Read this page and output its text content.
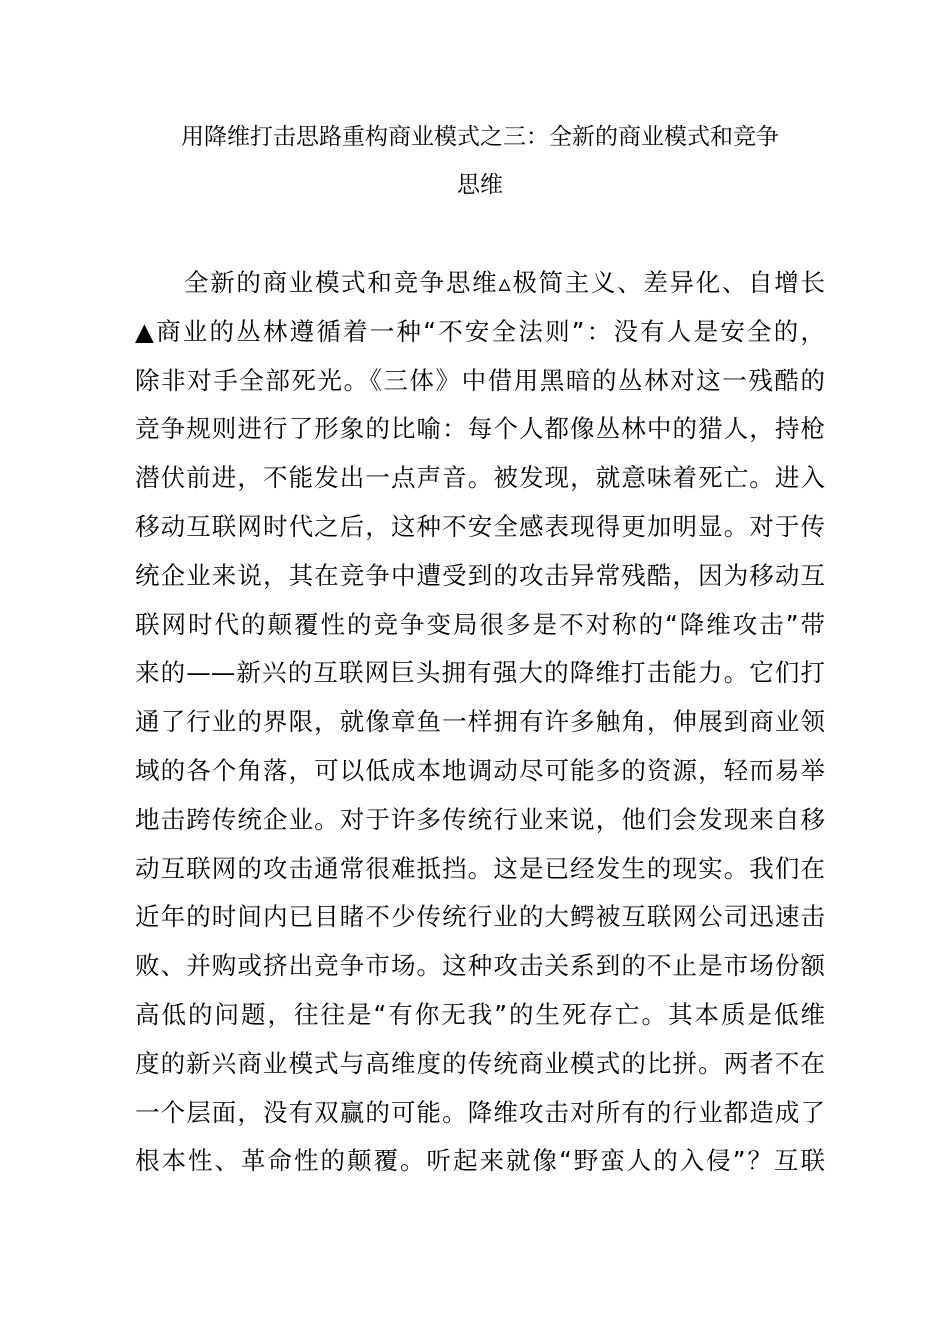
用降维打击思路重构商业模式之三：全新的商业模式和竞争
思维
全新的商业模式和竞争思维▵极简主义、差异化、自增长
▲商业的丛林遵循着一种“不安全法则”：没有人是安全的，
除非对手全部死光。《三体》中借用黑暗的丛林对这一残酷的
竞争规则进行了形象的比喻：每个人都像丛林中的猎人，持枪
潜伏前进，不能发出一点声音。被发现，就意味着死亡。进入
移动互联网时代之后，这种不安全感表现得更加明显。对于传
统企业来说，其在竞争中遭受到的攻击异常残酷，因为移动互
联网时代的颠覆性的竞争变局很多是不对称的“降维攻击”带
来的——新兴的互联网巨头拥有强大的降维打击能力。它们打
通了行业的界限，就像章鱼一样拥有许多触角，伸展到商业领
域的各个角落，可以低成本地调动尽可能多的资源，轻而易举
地击跨传统企业。对于许多传统行业来说，他们会发现来自移
动互联网的攻击通常很难抵挡。这是已经发生的现实。我们在
近年的时间内已目睹不少传统行业的大鳄被互联网公司迅速击
败、并购或挤出竞争市场。这种攻击关系到的不止是市场份额
高低的问题，往往是“有你无我”的生死存亡。其本质是低维
度的新兴商业模式与高维度的传统商业模式的比拼。两者不在
一个层面，没有双赢的可能。降维攻击对所有的行业都造成了
根本性、革命性的颠覆。听起来就像“野蛮人的入侵”？互联
